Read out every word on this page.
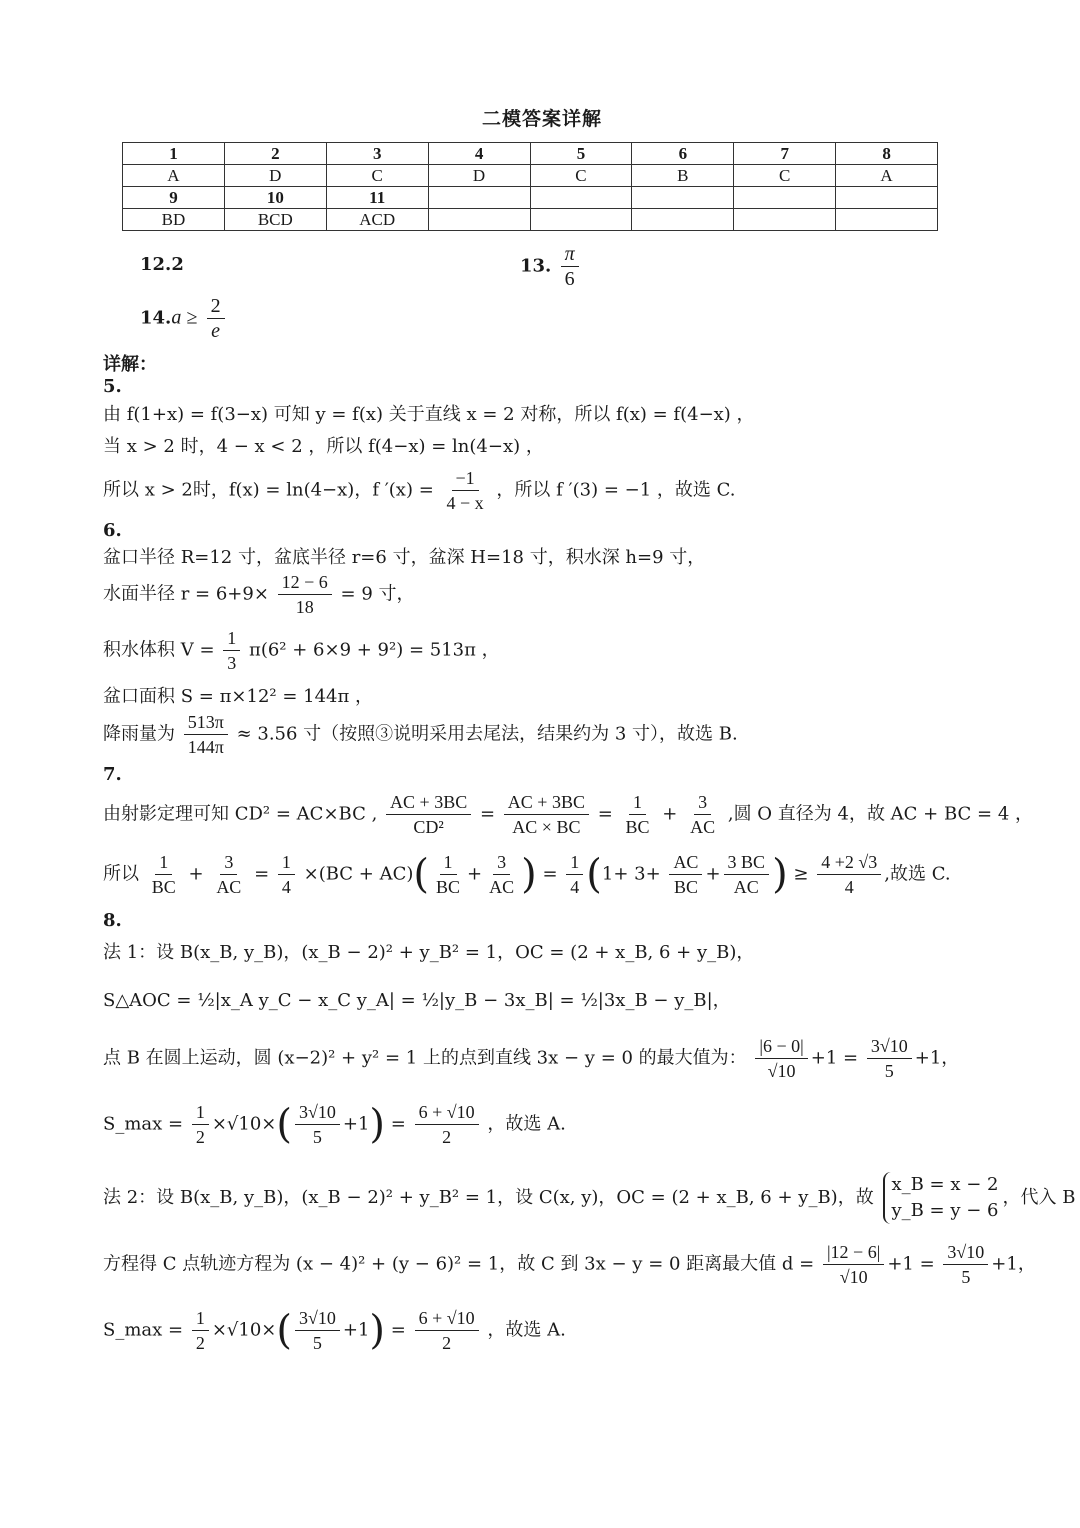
二模答案详解
1	2	3	4	5	6	7	8
A	D	C	D	C	B	C	A
9	10	11					
BD	BCD	ACD					
12.2	13. $\frac{\pi}{6}$
$14.a \ge \frac{2}{e}$
详解：
5.
由 f(1+x) = f(3−x) 可知 y = f(x) 关于直线 x = 2 对称，所以 f(x) = f(4−x) ，
当 x > 2 时，4 − x < 2 ，所以 f(4−x) = ln(4−x) ，
所以 x > 2时，f(x) = ln(4−x)，f $'(x) = \frac{-1}{4 - x}$ ，所以 f ′(3) = −1 ，故选 C.
6.
盆口半径 R=12 寸，盆底半径 r=6 寸，盆深 H=18 寸，积水深 h=9 寸，
水面半径 $r = 6+9\times \frac{12 - 6}{18} = 9$ 寸，
积水体积 $V = \frac{1}{3} \pi(6^2 + 6\times 9 + 9^2) = 513\pi$ ，
盆口面积 S = π×12² = 144π ，
降雨量为 $\frac{513\pi}{144\pi} \approx 3.56$ 寸（按照③说明采用去尾法，结果约为 3 寸），故选 B.
7.
由射影定理可知 CD² = AC×BC , $\frac{AC + 3BC}{\text{CD²}} = \frac{AC + 3BC}{AC \times BC} = \frac{1}{BC} + \frac{3}{AC}$ ,圆 O 直径为 4，故 AC + BC = 4 ，
所以 $\frac{1}{BC} + \frac{3}{AC} = \frac{1}{4} \times(BC + AC)( \frac{1}{BC} + \frac{3}{AC}$ ) = $\frac{1}{4} (1+ 3+ \frac{AC}{BC} + \frac{3 BC}{AC}$ ) ≥ $\frac{4 +2 √3}{4}$ ,故选 C.
8.
法 1：设 B(x_B, y_B)，(x_B − 2)² + y_B² = 1，OC = (2 + x_B, 6 + y_B)，
S△AOC = ½|x_A y_C − x_C y_A| = ½|y_B − 3x_B| = ½|3x_B − y_B|，
点 B 在圆上运动，圆 (x−2)² + y² = 1 上的点到直线 3x − y = 0 的最大值为： $\frac{|6 - 0|}{√10} +1 = \frac{3√10}{5} +1$，
S_max = $\frac{1}{2} \times√10\times( \frac{3√10}{5} +1) = \frac{6 + √10}{2}$ ，故选 A.
法 2：设 B(x_B, y_B)，(x_B − 2)² + y_B² = 1，设 C(x, y)，OC = (2 + x_B, 6 + y_B)，故
x_B = x − 2
y_B = y − 6
，代入 B
方程得 C 点轨迹方程为 (x − 4)² + (y − 6)² = 1，故 C 到 3x − y = 0 距离最大值 $d = \frac{|12 - 6|}{√10} +1 = \frac{3√10}{5} +1$，
S_max = $\frac{1}{2} \times√10\times( \frac{3√10}{5} +1) = \frac{6 + √10}{2}$ ，故选 A.
